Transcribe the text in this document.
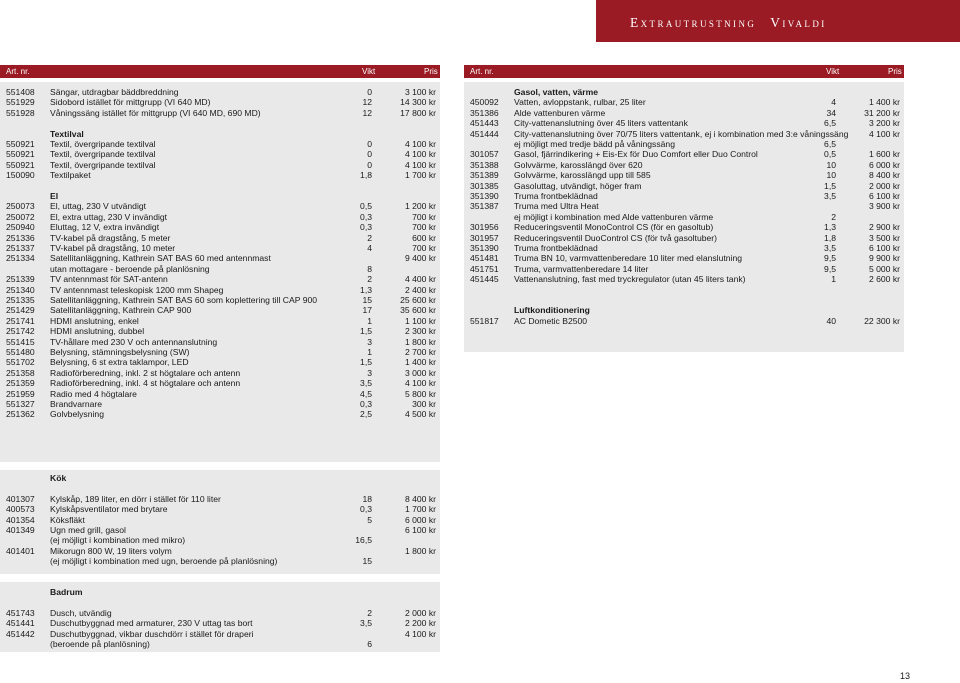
Extrautrustning Vivaldi
Art. nr.	Vikt	Pris	Art. nr.	Vikt	Pris
551408 Sängar, utdragbar bäddbreddning	0	3 100 kr
551929 Sidobord istället för mittgrupp (VI 640 MD)	12	14 300 kr
551928 Våningssäng istället för mittgrupp (VI 640 MD, 690 MD)	12	17 800 kr
Textilval
550921 Textil, övergripande textilval	0	4 100 kr
550921 Textil, övergripande textilval	0	4 100 kr
550921 Textil, övergripande textilval	0	4 100 kr
150090 Textilpaket	1,8	1 700 kr
El
250073 El, uttag, 230 V utvändigt	0,5	1 200 kr
250072 El, extra uttag, 230 V invändigt	0,3	700 kr
250940 Eluttag, 12 V, extra invändigt	0,3	700 kr
251336 TV-kabel på dragstång, 5 meter	2	600 kr
251337 TV-kabel på dragstång, 10 meter	4	700 kr
251334 Satellitanläggning, Kathrein SAT BAS 60 med antennmast	9 400 kr
utan mottagare - beroende på planlösning	8
251339 TV antennmast för SAT-antenn	2	4 400 kr
251340 TV antennmast teleskopisk 1200 mm Shapeg	1,3	2 400 kr
251335 Satellitanläggning, Kathrein SAT BAS 60 som koplettering till CAP 900	15	25 600 kr
251429 Satellitanläggning, Kathrein CAP 900	17	35 600 kr
251741 HDMI anslutning, enkel	1	1 100 kr
251742 HDMI anslutning, dubbel	1,5	2 300 kr
551415 TV-hållare med 230 V och antennanslutning	3	1 800 kr
551480 Belysning, stämningsbelysning (SW)	1	2 700 kr
551702 Belysning, 6 st extra taklampor, LED	1,5	1 400 kr
251358 Radioförberedning, inkl. 2 st högtalare och antenn	3	3 000 kr
251359 Radioförberedning, inkl. 4 st högtalare och antenn	3,5	4 100 kr
251959 Radio med 4 högtalare	4,5	5 800 kr
551327 Brandvarnare	0,3	300 kr
251362 Golvbelysning	2,5	4 500 kr
Kök
401307 Kylskåp, 189 liter, en dörr i stället för 110 liter	18	8 400 kr
400573 Kylskåpsventilator med brytare	0,3	1 700 kr
401354 Köksfläkt	5	6 000 kr
401349 Ugn med grill, gasol	6 100 kr
(ej möjligt i kombination med mikro)	16,5
401401 Mikorugn 800 W, 19 liters volym	1 800 kr
(ej möjligt i kombination med ugn, beroende på planlösning)	15
Badrum
451743 Dusch, utvändig	2	2 000 kr
451441 Duschutbyggnad med armaturer, 230 V uttag tas bort	3,5	2 200 kr
451442 Duschutbyggnad, vikbar duschdörr i stället för draperi	4 100 kr
(beroende på planlösning)	6
Gasol, vatten, värme
450092 Vatten, avloppstank, rulbar, 25 liter	4	1 400 kr
351386 Alde vattenburen värme	34	31 200 kr
451443 City-vattenanslutning över 45 liters vattentank	6,5	3 200 kr
451444 City-vattenanslutning över 70/75 liters vattentank, ej i kombination med 3:e våningssäng 4 100 kr
ej möjligt med tredje bädd på våningssäng	6,5
301057 Gasol, fjärrindikering + Eis-Ex för Duo Comfort eller Duo Control	0,5	1 600 kr
351388 Golvvärme, karosslängd över 620	10	6 000 kr
351389 Golvvärme, karosslängd upp till 585	10	8 400 kr
301385 Gasoluttag, utvändigt, höger fram	1,5	2 000 kr
351390 Truma frontbeklädnad	3,5	6 100 kr
351387 Truma med Ultra Heat	3 900 kr
ej möjligt i kombination med Alde vattenburen värme	2
301956 Reduceringsventil MonoControl CS (för en gasoltub)	1,3	2 900 kr
301957 Reduceringsventil DuoControl CS (för två gasoltuber)	1,8	3 500 kr
351390 Truma frontbeklädnad	3,5	6 100 kr
451481 Truma BN 10, varmvattenberedare 10 liter med elanslutning	9,5	9 900 kr
451751 Truma, varmvattenberedare 14 liter	9,5	5 000 kr
451445 Vattenanslutning, fast med tryckregulator (utan 45 liters tank)	1	2 600 kr
Luftkonditionering
551817 AC Dometic B2500	40	22 300 kr
13
